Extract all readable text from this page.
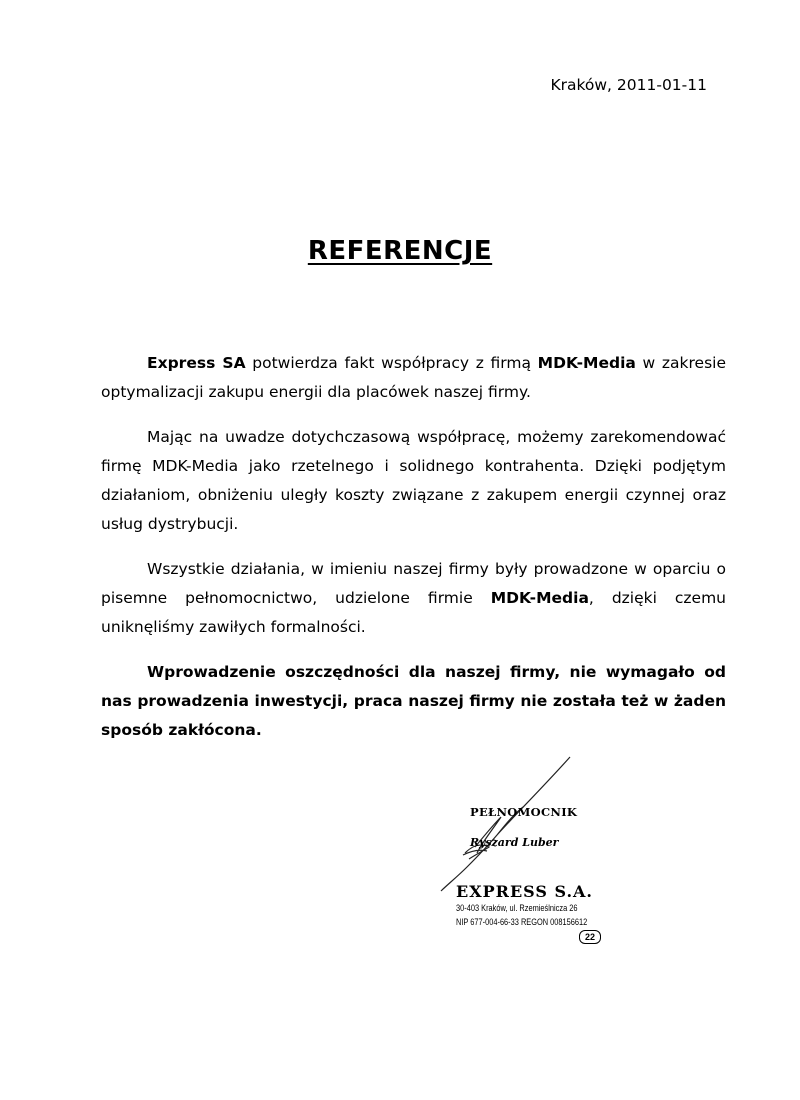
Kraków, 2011-01-11
REFERENCJE

Express SA potwierdza fakt współpracy z firmą MDK-Media w zakresie optymalizacji zakupu energii dla placówek naszej firmy.

Mając na uwadze dotychczasową współpracę, możemy zarekomendować firmę MDK-Media jako rzetelnego i solidnego kontrahenta. Dzięki podjętym działaniom, obniżeniu uległy koszty związane z zakupem energii czynnej oraz usług dystrybucji.

Wszystkie działania, w imieniu naszej firmy były prowadzone w oparciu o pisemne pełnomocnictwo, udzielone firmie MDK-Media, dzięki czemu uniknęliśmy zawiłych formalności.

Wprowadzenie oszczędności dla naszej firmy, nie wymagało od nas prowadzenia inwestycji, praca naszej firmy nie została też w żaden sposób zakłócona.

PEŁNOMOCNIK
Ryszard Luber
EXPRESS S.A.
30-403 Kraków, ul. Rzemieślnicza 26
NIP 677-004-66-33 REGON 008156612
22
